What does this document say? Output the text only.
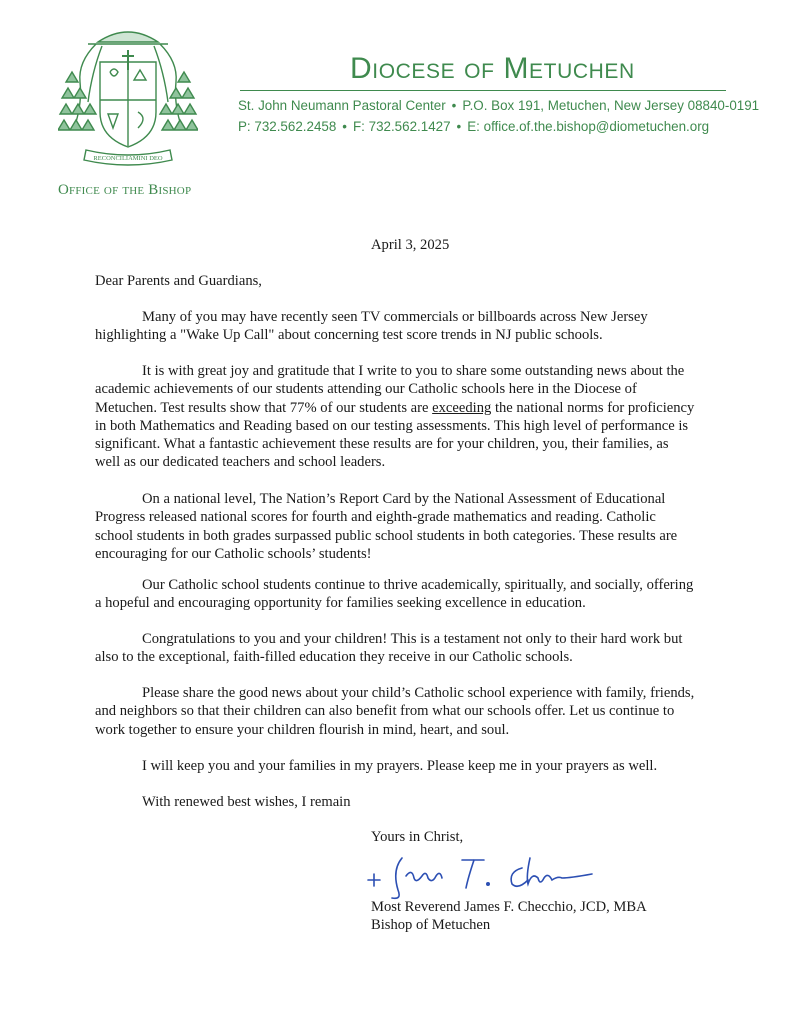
RECONCILIAMINI DEO
Office of the Bishop
Diocese of Metuchen
St. John Neumann Pastoral Center • P.O. Box 191, Metuchen, New Jersey 08840-0191
P: 732.562.2458 • F: 732.562.1427 • E: office.of.the.bishop@diometuchen.org
April 3, 2025
Dear Parents and Guardians,

Many of you may have recently seen TV commercials or billboards across New Jersey highlighting a "Wake Up Call" about concerning test score trends in NJ public schools.

It is with great joy and gratitude that I write to you to share some outstanding news about the academic achievements of our students attending our Catholic schools here in the Diocese of Metuchen. Test results show that 77% of our students are exceeding the national norms for proficiency in both Mathematics and Reading based on our testing assessments. This high level of performance is significant. What a fantastic achievement these results are for your children, you, their families, as well as our dedicated teachers and school leaders.

On a national level, The Nation’s Report Card by the National Assessment of Educational Progress released national scores for fourth and eighth-grade mathematics and reading. Catholic school students in both grades surpassed public school students in both categories. These results are encouraging for our Catholic schools’ students!

Our Catholic school students continue to thrive academically, spiritually, and socially, offering a hopeful and encouraging opportunity for families seeking excellence in education.

Congratulations to you and your children! This is a testament not only to their hard work but also to the exceptional, faith-filled education they receive in our Catholic schools.

Please share the good news about your child’s Catholic school experience with family, friends, and neighbors so that their children can also benefit from what our schools offer. Let us continue to work together to ensure your children flourish in mind, heart, and soul.

I will keep you and your families in my prayers. Please keep me in your prayers as well.

With renewed best wishes, I remain

Yours in Christ,
Most Reverend James F. Checchio, JCD, MBA
Bishop of Metuchen
